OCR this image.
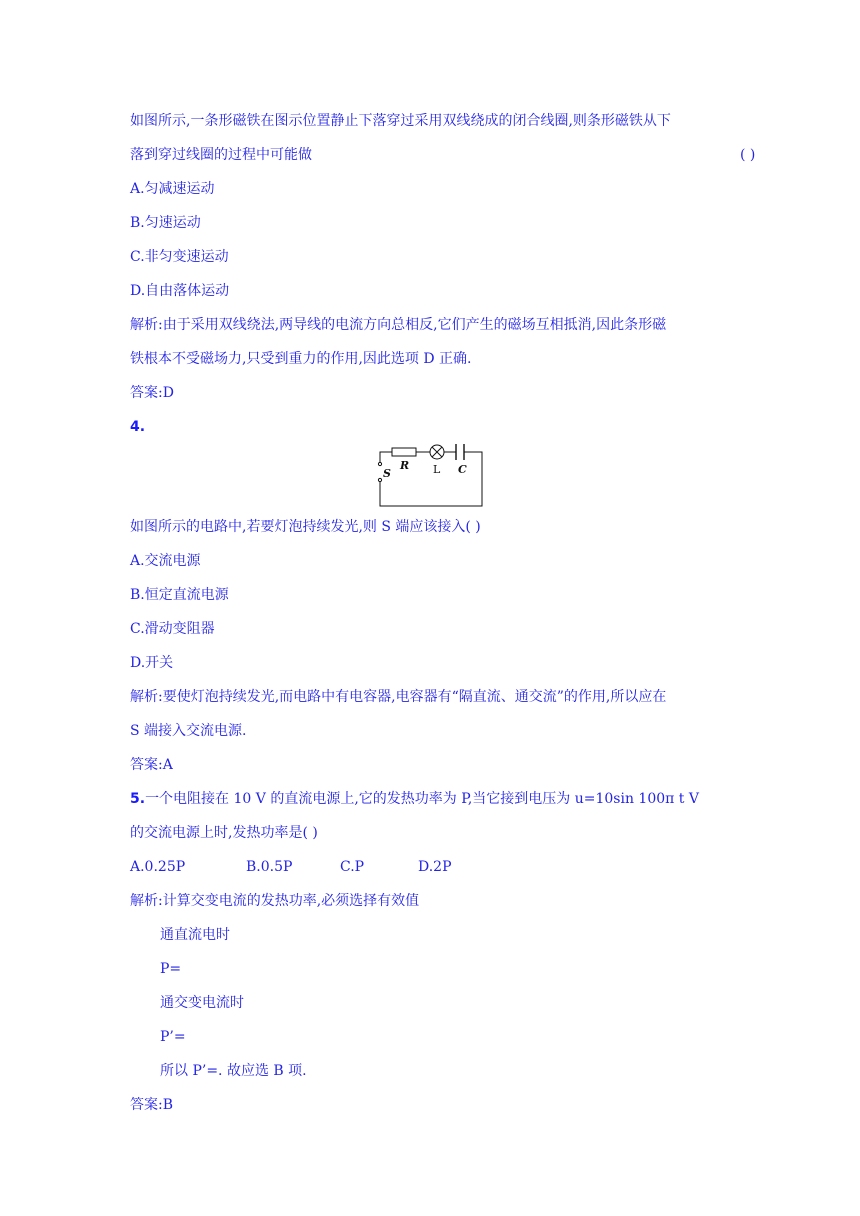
如图所示,一条形磁铁在图示位置静止下落穿过采用双线绕成的闭合线圈,则条形磁铁从下
落到穿过线圈的过程中可能做	( )
A.匀减速运动
B.匀速运动
C.非匀变速运动
D.自由落体运动
解析:由于采用双线绕法,两导线的电流方向总相反,它们产生的磁场互相抵消,因此条形磁
铁根本不受磁场力,只受到重力的作用,因此选项 D 正确.
答案:D
4.
S
R L C
如图所示的电路中,若要灯泡持续发光,则 S 端应该接入( )
A.交流电源
B.恒定直流电源
C.滑动变阻器
D.开关
解析:要使灯泡持续发光,而电路中有电容器,电容器有“隔直流、通交流”的作用,所以应在
S 端接入交流电源.
答案:A
5.一个电阻接在 10 V 的直流电源上,它的发热功率为 P,当它接到电压为 u=10sin 100π t V
的交流电源上时,发热功率是( )
A.0.25P	B.0.5P	C.P	D.2P
解析:计算交变电流的发热功率,必须选择有效值
通直流电时
P=
通交变电流时
P’=
所以 P’=. 故应选 B 项.
答案:B
